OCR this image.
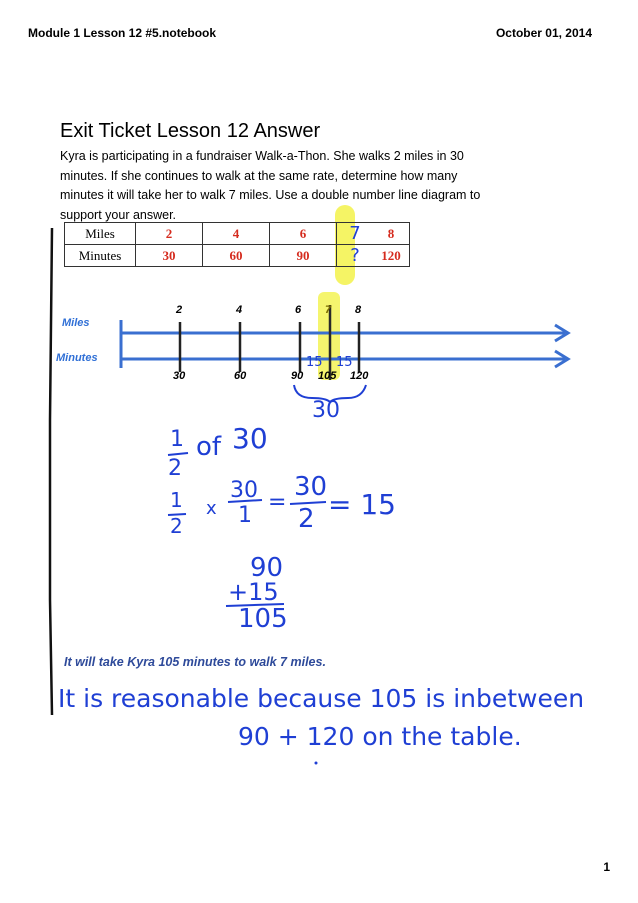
Module 1 Lesson 12 #5.notebook	October 01, 2014
Exit Ticket Lesson 12 Answer
Kyra is participating in a fundraiser Walk-a-Thon. She walks 2 miles in 30
minutes. If she continues to walk at the same rate, determine how many
minutes it will take her to walk 7 miles. Use a double number line diagram to
support your answer.
Miles	2	4	6	7	8
Minutes	30	60	90	?	120
Miles
Minutes
2	4	6 7 8
30	60	90 105 120
15 15
30
1
2
of 30
1
2
x
30
1
=
30
2 = 15
90
+15
105
It will take Kyra 105 minutes to walk 7 miles.
It is reasonable because 105 is inbetween
90 + 120 on the table.
1
